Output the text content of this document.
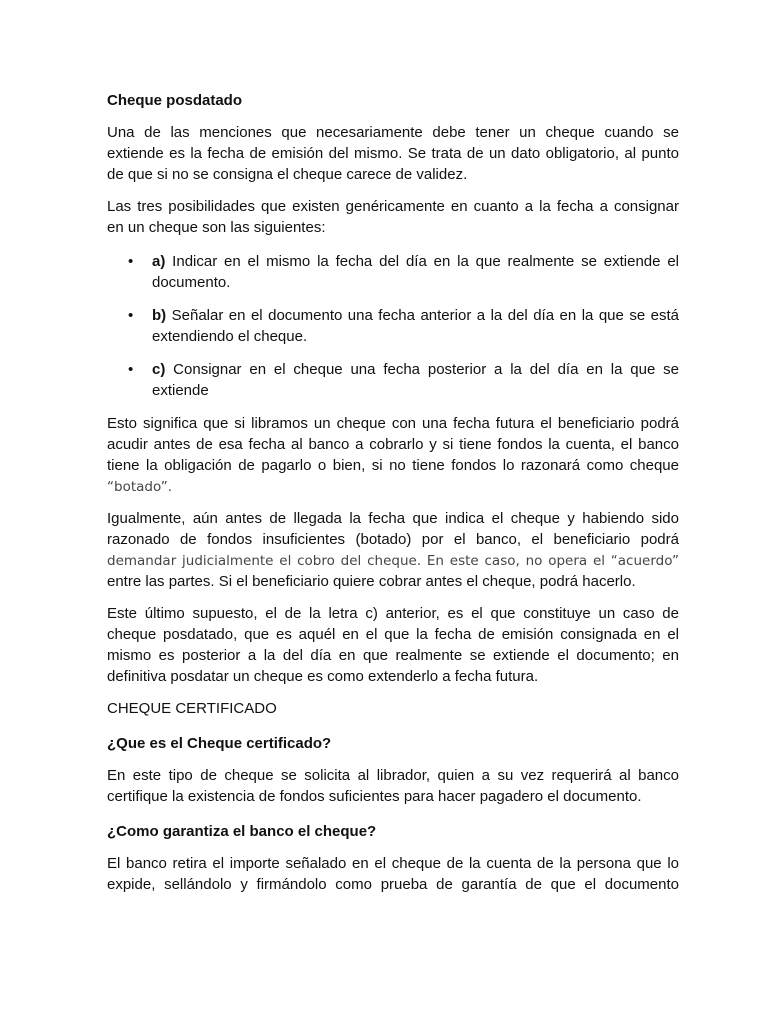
Cheque posdatado
Una de las menciones que necesariamente debe tener un cheque cuando se
extiende es la fecha de emisión del mismo. Se trata de un dato obligatorio, al punto
de que si no se consigna el cheque carece de validez.
Las tres posibilidades que existen genéricamente en cuanto a la fecha a consignar
en un cheque son las siguientes:
• a) Indicar en el mismo la fecha del día en la que realmente se extiende el
documento.
• b) Señalar en el documento una fecha anterior a la del día en la que se está
extendiendo el cheque.
• c) Consignar en el cheque una fecha posterior a la del día en la que se
extiende
Esto significa que si libramos un cheque con una fecha futura el beneficiario podrá
acudir antes de esa fecha al banco a cobrarlo y si tiene fondos la cuenta, el banco
tiene la obligación de pagarlo o bien, si no tiene fondos lo razonará como cheque
“botado”.
Igualmente, aún antes de llegada la fecha que indica el cheque y habiendo sido
razonado de fondos insuficientes (botado) por el banco, el beneficiario podrá
demandar judicialmente el cobro del cheque. En este caso, no opera el “acuerdo”
entre las partes. Si el beneficiario quiere cobrar antes el cheque, podrá hacerlo.
Este último supuesto, el de la letra c) anterior, es el que constituye un caso de
cheque posdatado, que es aquél en el que la fecha de emisión consignada en el
mismo es posterior a la del día en que realmente se extiende el documento; en
definitiva posdatar un cheque es como extenderlo a fecha futura.
CHEQUE CERTIFICADO
¿Que es el Cheque certificado?
En este tipo de cheque se solicita al librador, quien a su vez requerirá al banco
certifique la existencia de fondos suficientes para hacer pagadero el documento.
¿Como garantiza el banco el cheque?
El banco retira el importe señalado en el cheque de la cuenta de la persona que lo
expide, sellándolo y firmándolo como prueba de garantía de que el documento
